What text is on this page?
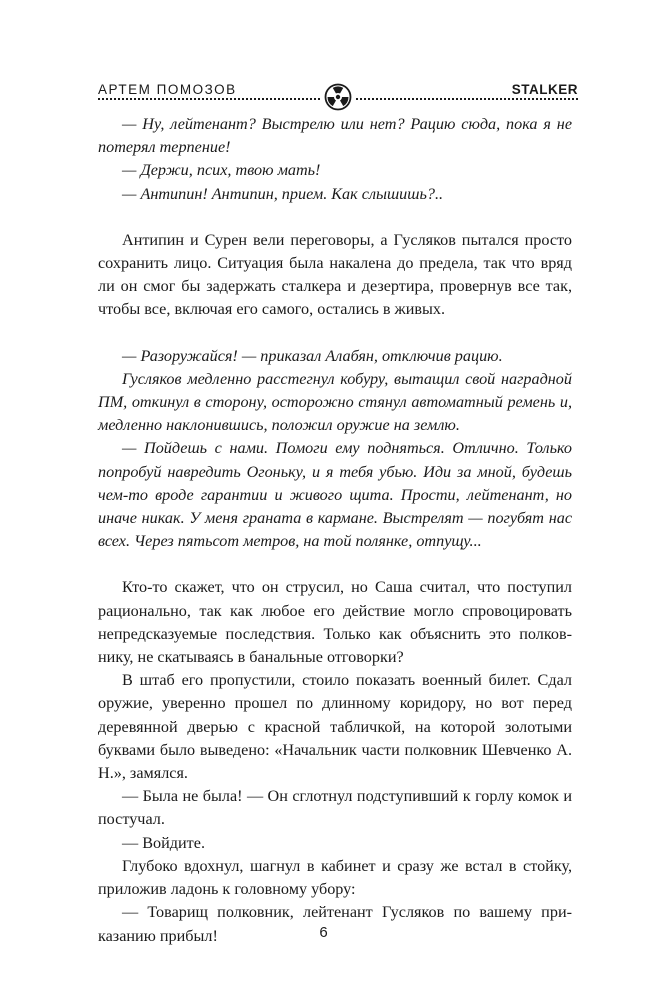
АРТЕМ ПОМОЗОВ	STALKER

— Ну, лейтенант? Выстрелю или нет? Рацию сюда, пока я не потерял терпение!

— Держи, псих, твою мать!

— Антипин! Антипин, прием. Как слышишь?..

Антипин и Сурен вели переговоры, а Гусляков пытался просто сохранить лицо. Ситуация была накалена до предела, так что вряд ли он смог бы задержать сталкера и дезертира, провернув все так, чтобы все, включая его самого, остались в живых.

— Разоружайся! — приказал Алабян, отключив рацию.

Гусляков медленно расстегнул кобуру, вытащил свой наградной ПМ, откинул в сторону, осторожно стянул автоматный ремень и, медленно наклонившись, положил оружие на землю.

— Пойдешь с нами. Помоги ему подняться. Отлично. Только попробуй навредить Огоньку, и я тебя убью. Иди за мной, будешь чем-то вроде гарантии и живого щита. Прости, лейтенант, но иначе никак. У меня граната в кармане. Выстрелят — погубят нас всех. Через пятьсот метров, на той полянке, отпущу...

Кто-то скажет, что он струсил, но Саша считал, что поступил рационально, так как любое его действие могло спровоцировать непредсказуемые последствия. Только как объяснить это полковнику, не скатываясь в банальные отговорки?

В штаб его пропустили, стоило показать военный билет. Сдал оружие, уверенно прошел по длинному коридору, но вот перед деревянной дверью с красной табличкой, на которой золотыми буквами было выведено: «Начальник части полковник Шевченко А. Н.», замялся.

— Была не была! — Он сглотнул подступивший к горлу комок и постучал.

— Войдите.

Глубоко вдохнул, шагнул в кабинет и сразу же встал в стойку, приложив ладонь к головному убору:

— Товарищ полковник, лейтенант Гусляков по вашему приказанию прибыл!	6
